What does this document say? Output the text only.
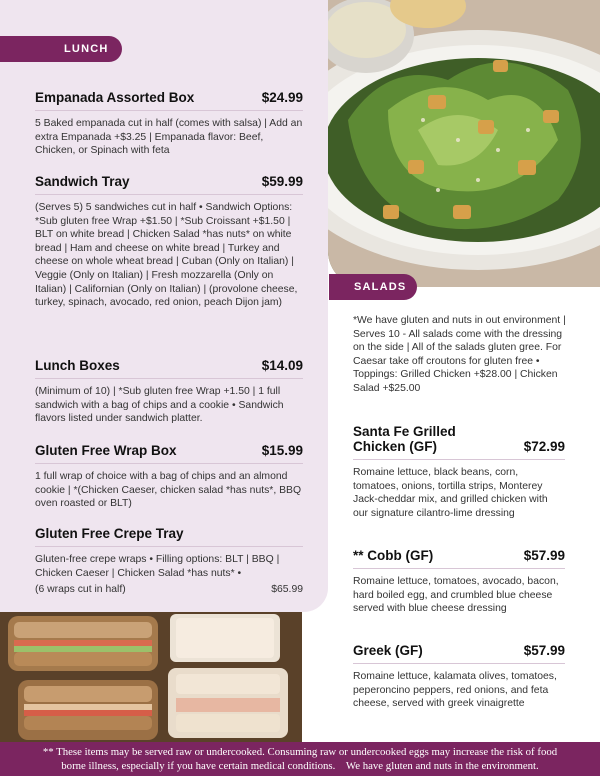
LUNCH
Empanada Assorted Box	$24.99
5 Baked empanada cut in half (comes with salsa) | Add an extra Empanada +$3.25 | Empanada flavor: Beef, Chicken, or Spinach with feta
Sandwich Tray	$59.99
(Serves 5) 5 sandwiches cut in half • Sandwich Options: *Sub gluten free Wrap +$1.50 | *Sub Croissant +$1.50 | BLT on white bread | Chicken Salad *has nuts* on white bread | Ham and cheese on white bread | Turkey and cheese on whole wheat bread | Cuban (Only on Italian) | Veggie (Only on Italian) | Fresh mozzarella (Only on Italian) | Californian (Only on Italian) | (provolone cheese, turkey, spinach, avocado, red onion, peach Dijon jam)
Lunch Boxes	$14.09
(Minimum of 10) | *Sub gluten free Wrap +1.50 | 1 full sandwich with a bag of chips and a cookie • Sandwich flavors listed under sandwich platter.
Gluten Free Wrap Box	$15.99
1 full wrap of choice with a bag of chips and an almond cookie | *(Chicken Caeser, chicken salad *has nuts*, BBQ oven roasted or BLT)
Gluten Free Crepe Tray
Gluten-free crepe wraps • Filling options: BLT | BBQ | Chicken Caeser | Chicken Salad *has nuts* •
(6 wraps cut in half)	$65.99
SALADS
*We have gluten and nuts in out environment | Serves 10 - All salads come with the dressing on the side | All of the salads gluten gree. For Caesar take off croutons for gluten free • Toppings: Grilled Chicken +$28.00 | Chicken Salad +$25.00
Santa Fe Grilled
Chicken (GF)	$72.99
Romaine lettuce, black beans, corn, tomatoes, onions, tortilla strips, Monterey Jack-cheddar mix, and grilled chicken with our signature cilantro-lime dressing
** Cobb (GF)	$57.99
Romaine lettuce, tomatoes, avocado, bacon, hard boiled egg, and crumbled blue cheese served with blue cheese dressing
Greek (GF)	$57.99
Romaine lettuce, kalamata olives, tomatoes, peperoncino peppers, red onions, and feta cheese, served with greek vinaigrette
** These items may be served raw or undercooked. Consuming raw or undercooked eggs may increase the risk of food
borne illness, especially if you have certain medical conditions.    We have gluten and nuts in the environment.
